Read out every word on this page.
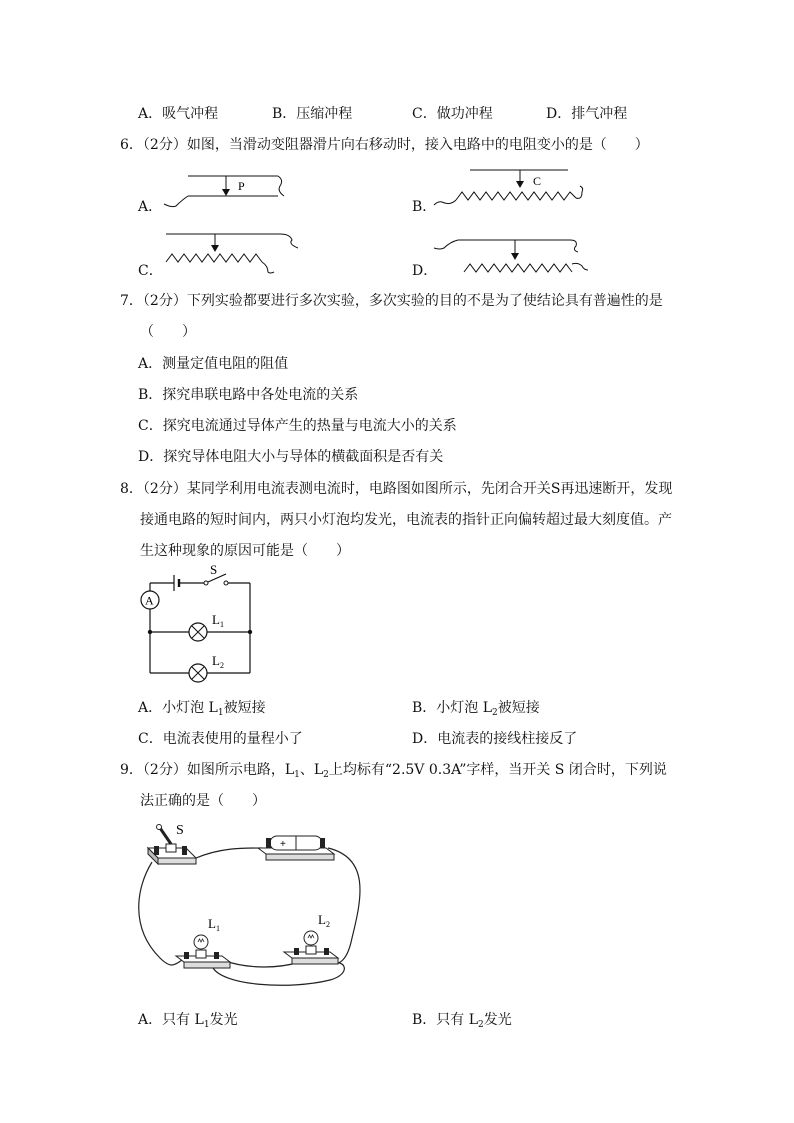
A．吸气冲程	B．压缩冲程	C．做功冲程	D．排气冲程
6．（2分）如图，当滑动变阻器滑片向右移动时，接入电路中的电阻变小的是（　　）
A．
P
B．
C
C．	D．
7．（2分）下列实验都要进行多次实验，多次实验的目的不是为了使结论具有普遍性的是
（　　）
A．测量定值电阻的阻值
B．探究串联电路中各处电流的关系
C．探究电流通过导体产生的热量与电流大小的关系
D．探究导体电阻大小与导体的横截面积是否有关
8．（2分）某同学利用电流表测电流时，电路图如图所示，先闭合开关S再迅速断开，发现
接通电路的短时间内，两只小灯泡均发光，电流表的指针正向偏转超过最大刻度值。产
生这种现象的原因可能是（　　）
S
A
$L_1$
$L_2$
A．小灯泡 $L_1$被短接	B．小灯泡 $L_2$被短接
C．电流表使用的量程小了	D．电流表的接线柱接反了
9．（2分）如图所示电路，$L_1$、$L_2$上均标有“2.5V 0.3A”字样，当开关 S 闭合时，下列说
法正确的是（　　）
S
+
$L_1$
$L_2$
A．只有 $L_1$发光	B．只有 $L_2$发光
